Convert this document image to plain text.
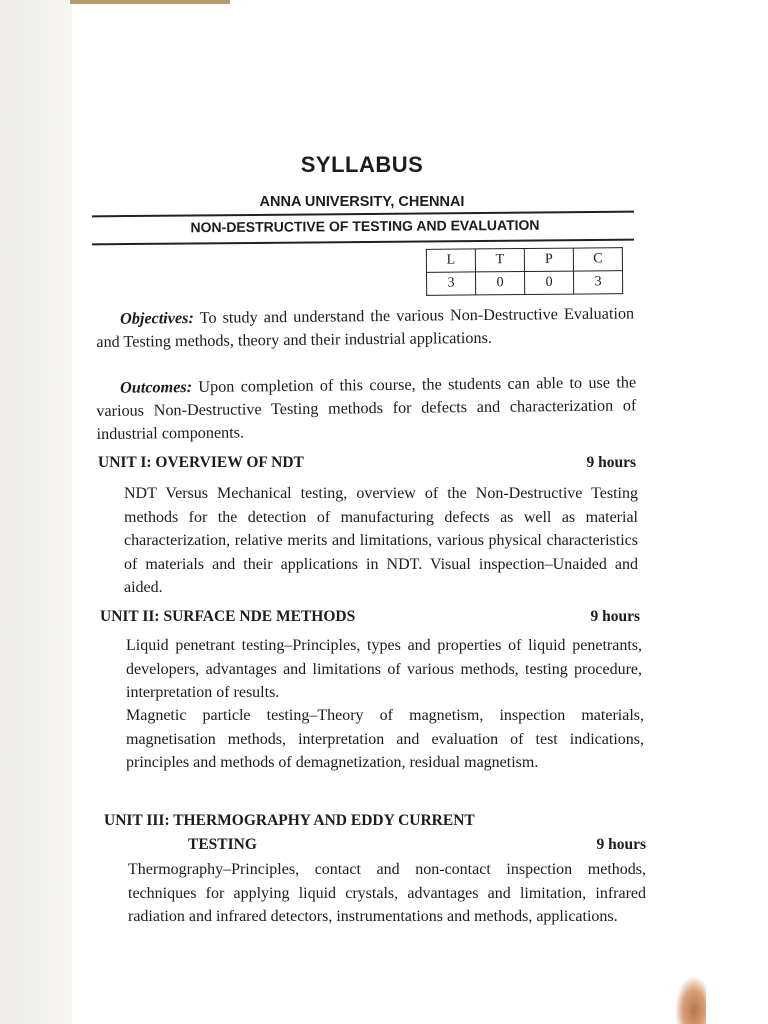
SYLLABUS
ANNA UNIVERSITY, CHENNAI
NON-DESTRUCTIVE OF TESTING AND EVALUATION
L	T	P	C
3	0	0	3

Objectives: To study and understand the various Non-Destructive Evaluation and Testing methods, theory and their industrial applications.

Outcomes: Upon completion of this course, the students can able to use the various Non-Destructive Testing methods for defects and characterization of industrial components.

UNIT I: OVERVIEW OF NDT	9 hours

NDT Versus Mechanical testing, overview of the Non-Destructive Testing methods for the detection of manufacturing defects as well as material characterization, relative merits and limitations, various physical characteristics of materials and their applications in NDT. Visual inspection–Unaided and aided.

UNIT II: SURFACE NDE METHODS	9 hours

Liquid penetrant testing–Principles, types and properties of liquid penetrants, developers, advantages and limitations of various methods, testing procedure, interpretation of results.

Magnetic particle testing–Theory of magnetism, inspection materials, magnetisation methods, interpretation and evaluation of test indications, principles and methods of demagnetization, residual magnetism.

UNIT III: THERMOGRAPHY AND EDDY CURRENT
TESTING	9 hours

Thermography–Principles, contact and non-contact inspection methods, techniques for applying liquid crystals, advantages and limitation, infrared radiation and infrared detectors, instrumentations and methods, applications.
